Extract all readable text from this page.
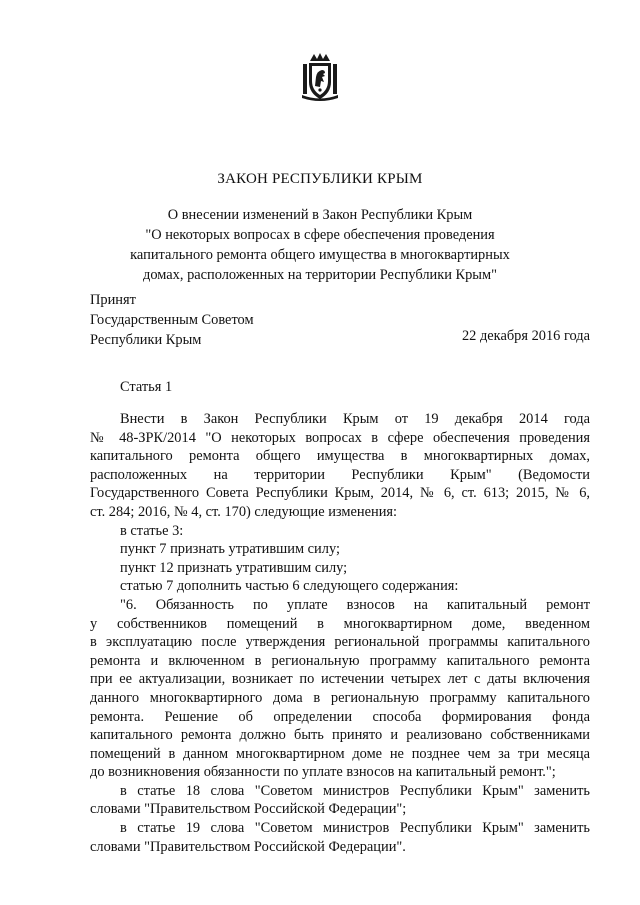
ЗАКОН РЕСПУБЛИКИ КРЫМ
О внесении изменений в Закон Республики Крым
"О некоторых вопросах в сфере обеспечения проведения
капитального ремонта общего имущества в многоквартирных
домах, расположенных на территории Республики Крым"
Принят
Государственным Советом
Республики Крым	22 декабря 2016 года
Статья 1
Внести в Закон Республики Крым от 19 декабря 2014 года
№ 48-ЗРК/2014 "О некоторых вопросах в сфере обеспечения проведения
капитального ремонта общего имущества в многоквартирных домах,
расположенных на территории Республики Крым" (Ведомости
Государственного Совета Республики Крым, 2014, № 6, ст. 613; 2015, № 6,
ст. 284; 2016, № 4, ст. 170) следующие изменения:
в статье 3:
пункт 7 признать утратившим силу;
пункт 12 признать утратившим силу;
статью 7 дополнить частью 6 следующего содержания:
"6. Обязанность по уплате взносов на капитальный ремонт
у собственников помещений в многоквартирном доме, введенном
в эксплуатацию после утверждения региональной программы капитального
ремонта и включенном в региональную программу капитального ремонта
при ее актуализации, возникает по истечении четырех лет с даты включения
данного многоквартирного дома в региональную программу капитального
ремонта. Решение об определении способа формирования фонда
капитального ремонта должно быть принято и реализовано собственниками
помещений в данном многоквартирном доме не позднее чем за три месяца
до возникновения обязанности по уплате взносов на капитальный ремонт.";
в статье 18 слова "Советом министров Республики Крым" заменить
словами "Правительством Российской Федерации";
в статье 19 слова "Советом министров Республики Крым" заменить
словами "Правительством Российской Федерации".
